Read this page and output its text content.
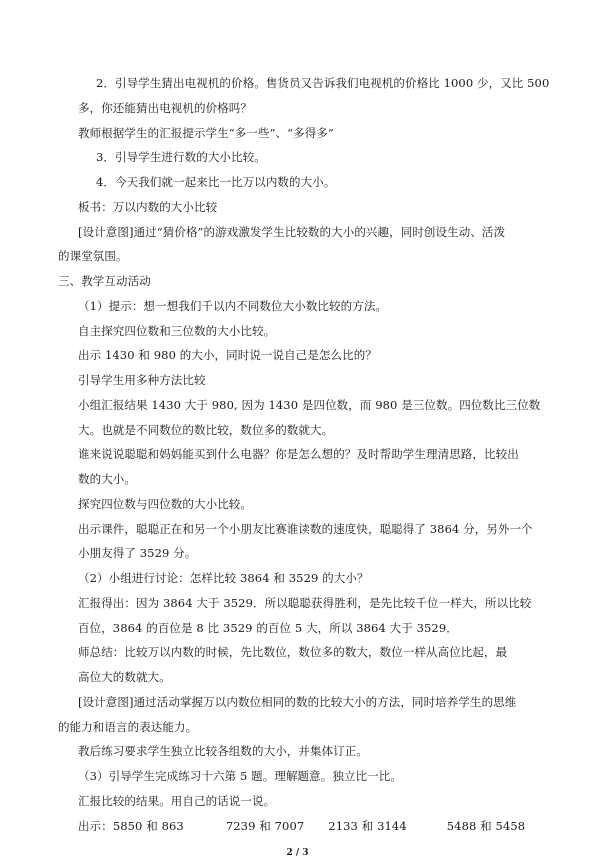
2．引导学生猜出电视机的价格。售货员又告诉我们电视机的价格比 1000 少，又比 500
多，你还能猜出电视机的价格吗？
教师根据学生的汇报提示学生“多一些”、“多得多”
3．引导学生进行数的大小比较。
4．今天我们就一起来比一比万以内数的大小。
板书：万以内数的大小比较
[设计意图]通过“猜价格”的游戏激发学生比较数的大小的兴趣，同时创设生动、活泼
的课堂氛围。
三、教学互动活动
（1）提示：想一想我们千以内不同数位大小数比较的方法。
自主探究四位数和三位数的大小比较。
出示 1430 和 980 的大小，同时说一说自己是怎么比的？
引导学生用多种方法比较
小组汇报结果 1430 大于 980, 因为 1430 是四位数，而 980 是三位数。四位数比三位数
大。也就是不同数位的数比较，数位多的数就大。
谁来说说聪聪和妈妈能买到什么电器？你是怎么想的？及时帮助学生理清思路，比较出
数的大小。
探究四位数与四位数的大小比较。
出示课件，聪聪正在和另一个小朋友比赛谁读数的速度快，聪聪得了 3864 分，另外一个
小朋友得了 3529 分。
（2）小组进行讨论：怎样比较 3864 和 3529 的大小？
汇报得出：因为 3864 大于 3529．所以聪聪获得胜利，是先比较千位一样大，所以比较
百位，3864 的百位是 8 比 3529 的百位 5 大，所以 3864 大于 3529．
师总结：比较万以内数的时候，先比数位，数位多的数大，数位一样从高位比起，最
高位大的数就大。
[设计意图]通过活动掌握万以内数位相同的数的比较大小的方法，同时培养学生的思维
的能力和语言的表达能力。
教后练习要求学生独立比较各组数的大小，并集体订正。
（3）引导学生完成练习十六第 5 题。理解题意。独立比一比。
汇报比较的结果。用自己的话说一说。
2 / 3
出示：5850 和 863	7239 和 7007 2133 和 3144	5488 和 5458
